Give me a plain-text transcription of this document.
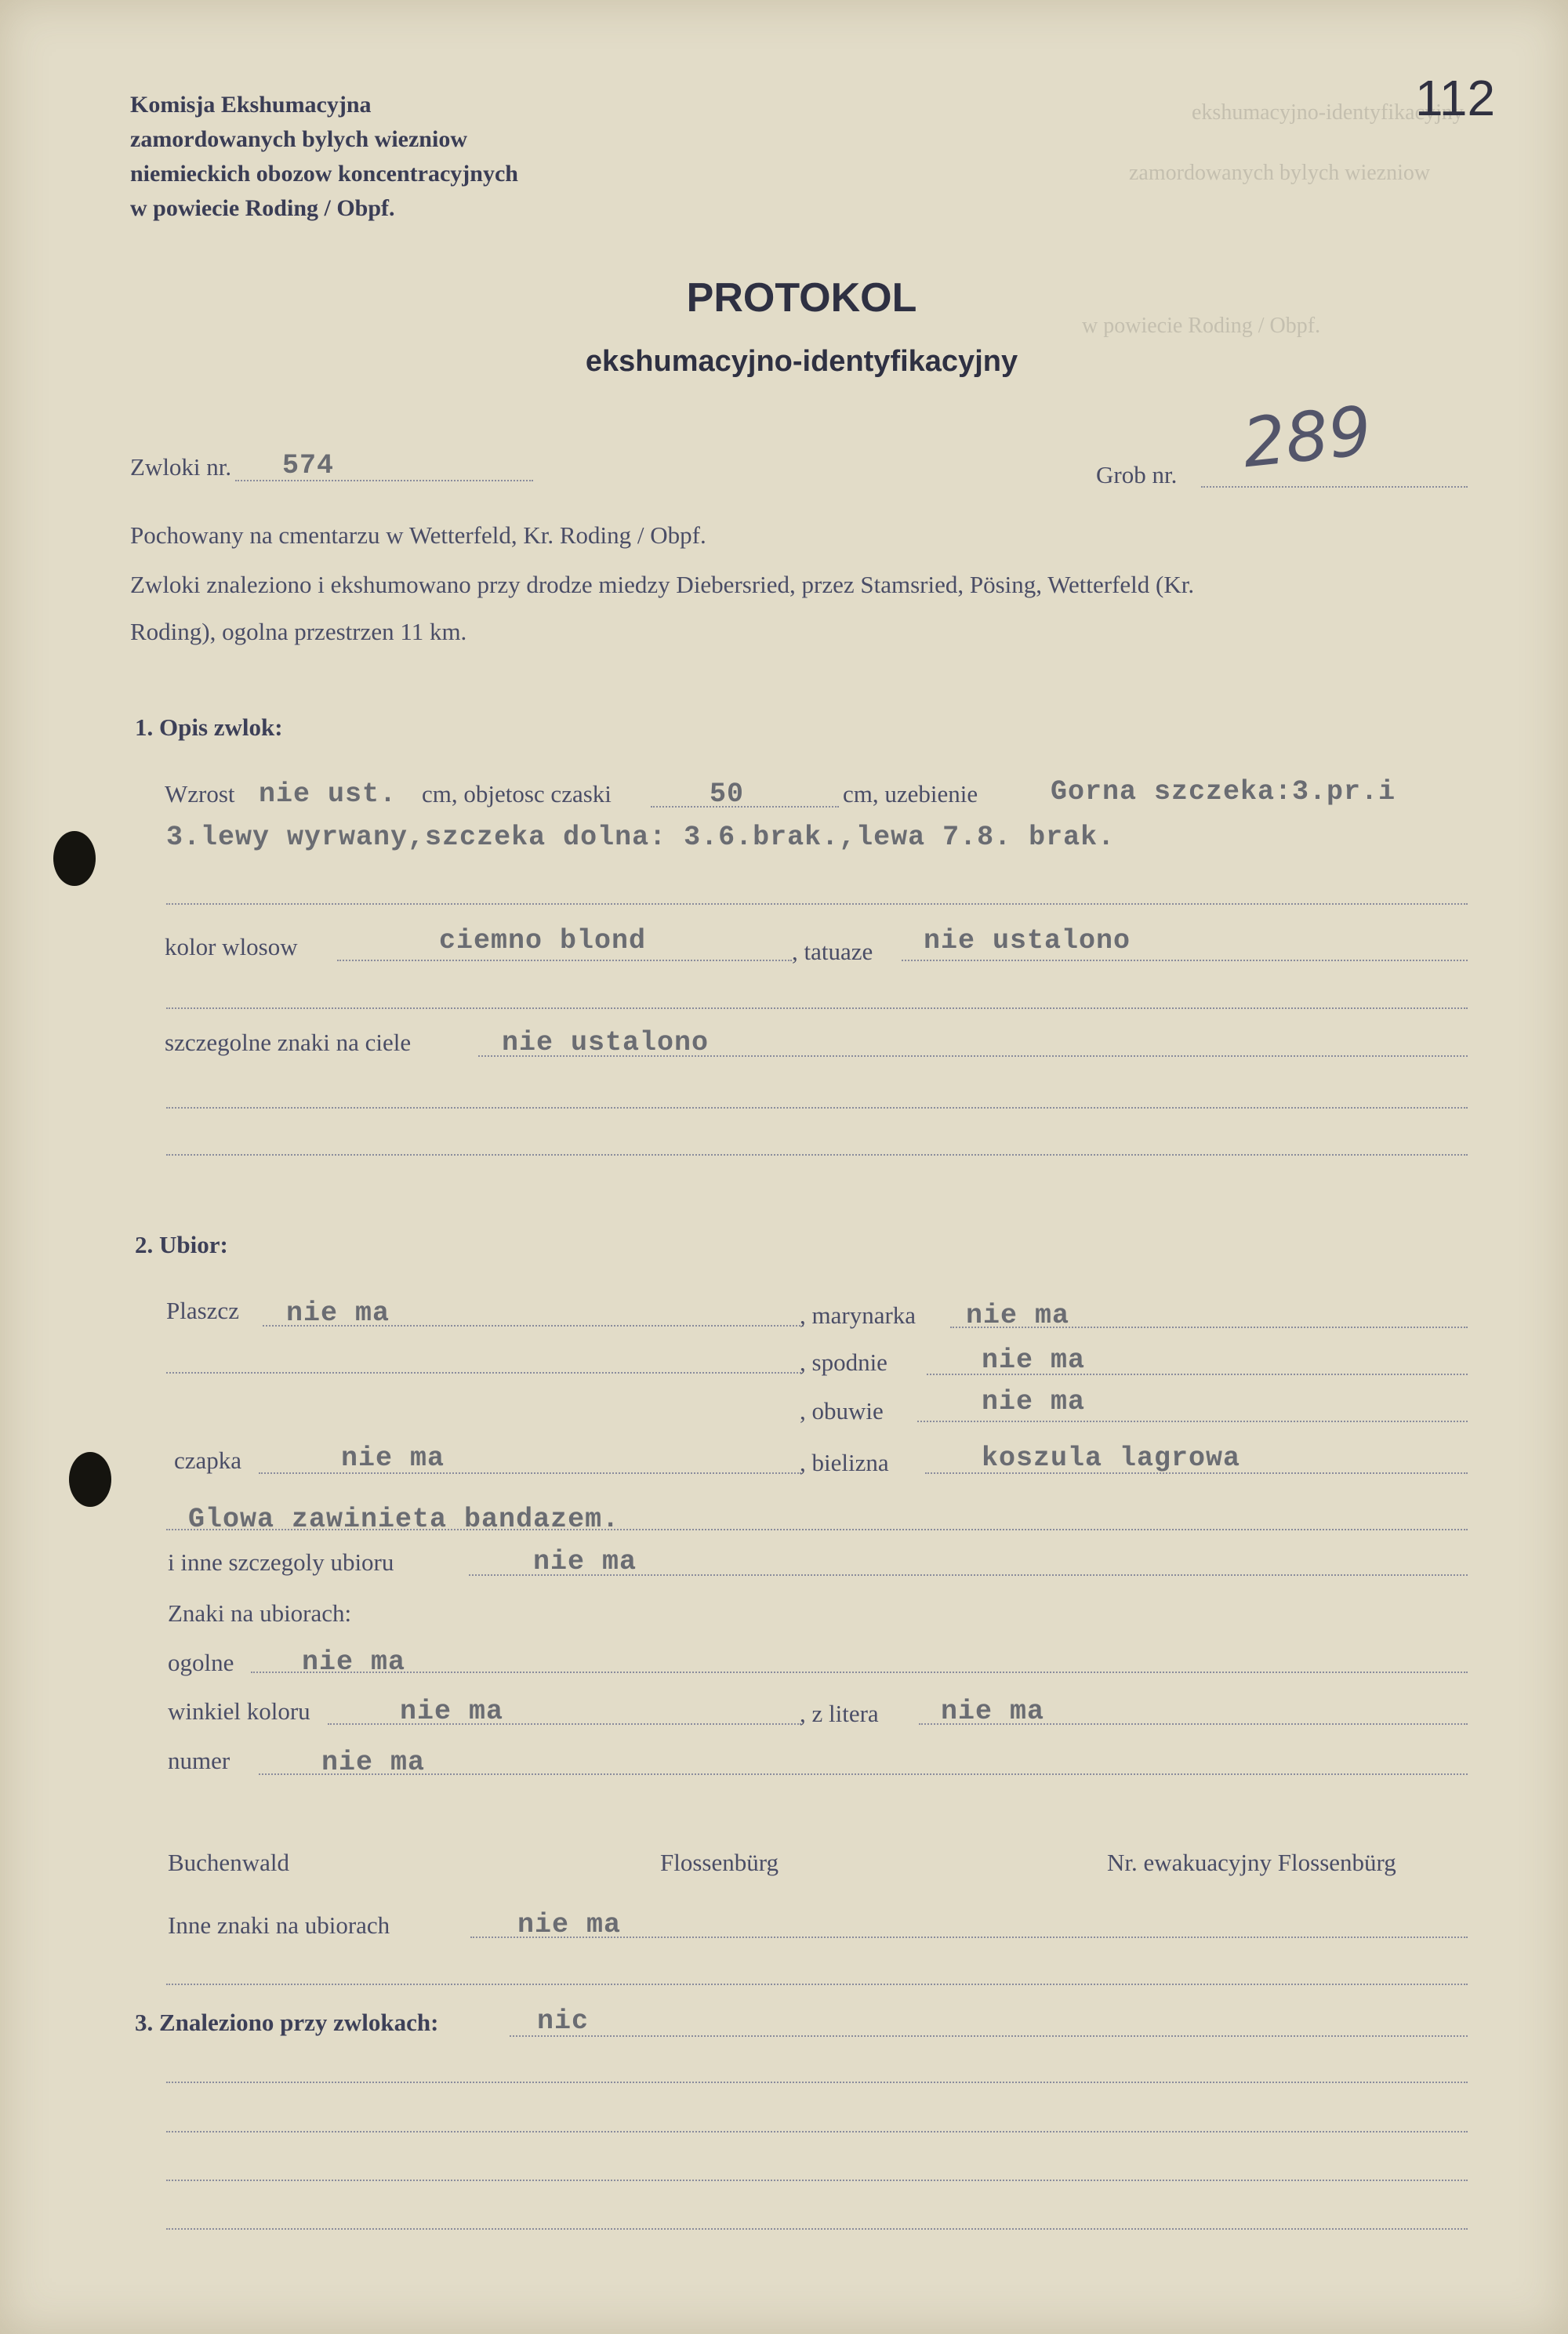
ekshumacyjno-identyfikacyjny
zamordowanych bylych wiezniow
w powiecie Roding / Obpf.
Komisja Ekshumacyjna
zamordowanych bylych wiezniow
niemieckich obozow koncentracyjnych
w powiecie Roding / Obpf.
112
PROTOKOL
ekshumacyjno-identyfikacyjny
Zwloki nr. 574	Grob nr. 289
Pochowany na cmentarzu w Wetterfeld, Kr. Roding / Obpf.
Zwloki znaleziono i ekshumowano przy drodze miedzy Diebersried, przez Stamsried, Pösing, Wetterfeld (Kr.
Roding), ogolna przestrzen 11 km.
1. Opis zwlok:
Wzrost nie ust. cm, objetosc czaski	50	cm, uzebienie	Gorna szczeka:3.pr.i
3.lewy wyrwany,szczeka dolna: 3.6.brak.,lewa 7.8. brak.
kolor wlosow	ciemno blond	, tatuaze nie ustalono
szczegolne znaki na ciele	nie ustalono
2. Ubior:
Plaszcz nie ma	, marynarka nie ma
, spodnie	nie ma
, obuwie	nie ma
czapka	nie ma	, bielizna	koszula lagrowa
Glowa zawinieta bandazem.
i inne szczegoly ubioru	nie ma
Znaki na ubiorach:
ogolne nie ma
winkiel koloru	nie ma	, z litera nie ma
numer	nie ma
Buchenwald	Flossenbürg	Nr. ewakuacyjny Flossenbürg
Inne znaki na ubiorach	nie ma
3. Znaleziono przy zwlokach:	nic
